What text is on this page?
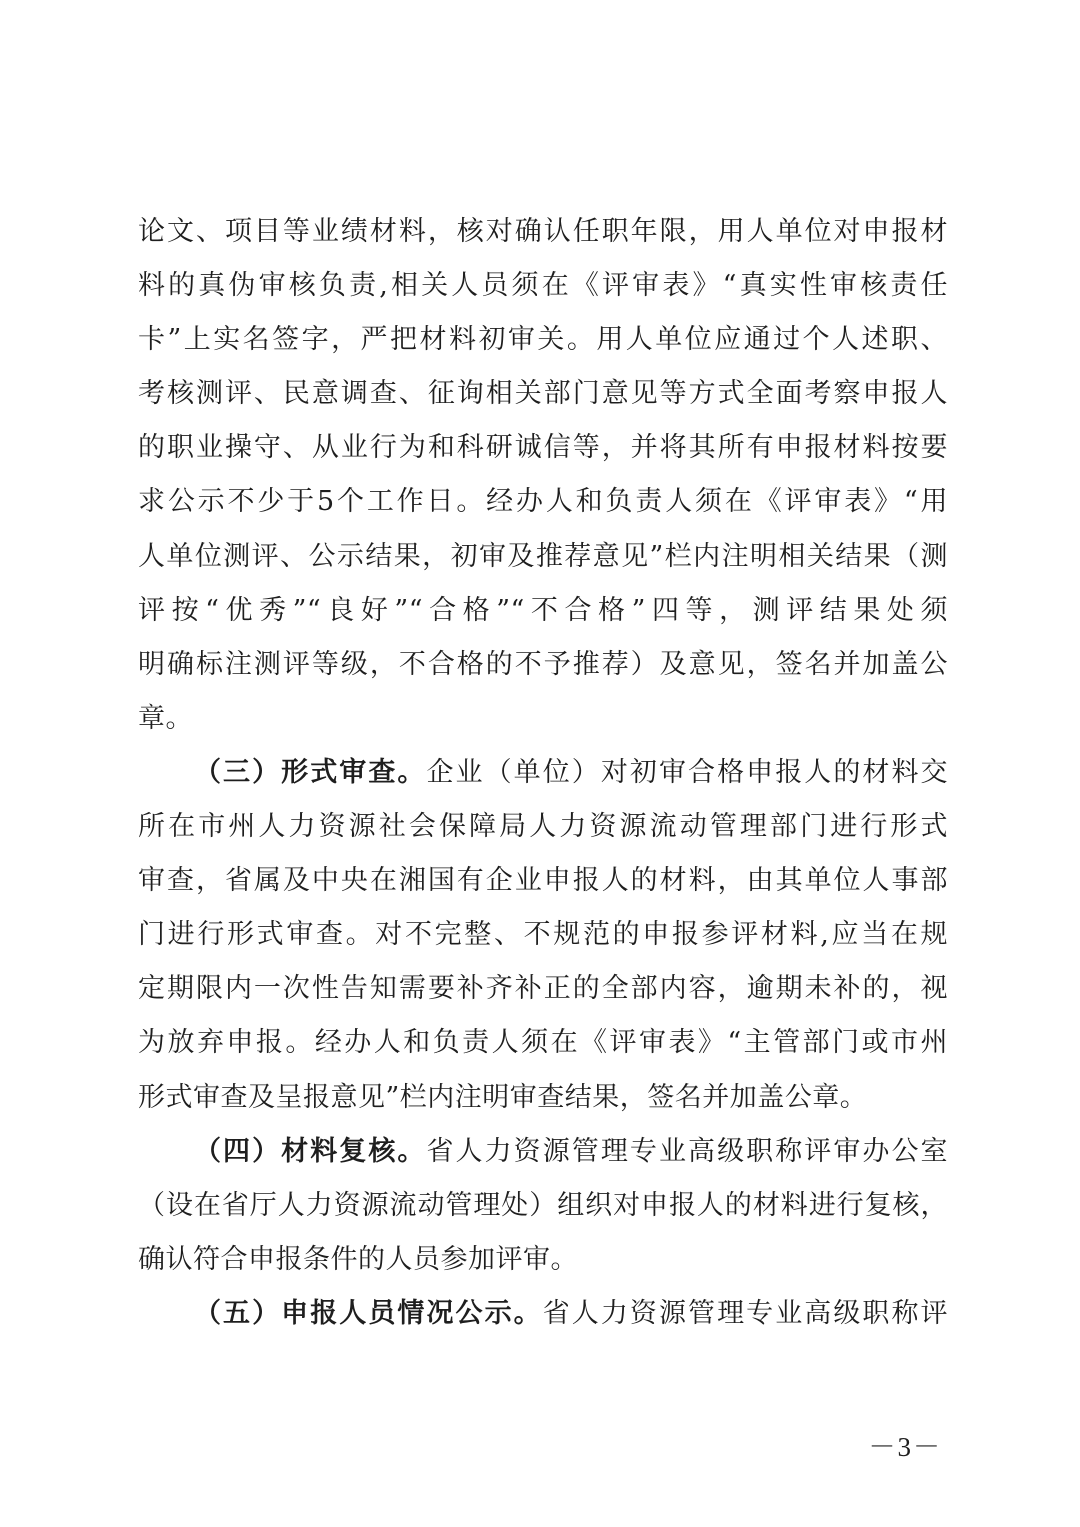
论文、项目等业绩材料，核对确认任职年限，用人单位对申报材
料的真伪审核负责,相关人员须在《评审表》“真实性审核责任
卡”上实名签字，严把材料初审关。用人单位应通过个人述职、
考核测评、民意调查、征询相关部门意见等方式全面考察申报人
的职业操守、从业行为和科研诚信等，并将其所有申报材料按要
求公示不少于5个工作日。经办人和负责人须在《评审表》“用
人单位测评、公示结果，初审及推荐意见”栏内注明相关结果（测
评按“优秀”“良好”“合格”“不合格”四等，测评结果处须
明确标注测评等级，不合格的不予推荐）及意见，签名并加盖公
章。
（三）形式审查。企业（单位）对初审合格申报人的材料交
所在市州人力资源社会保障局人力资源流动管理部门进行形式
审查，省属及中央在湘国有企业申报人的材料，由其单位人事部
门进行形式审查。对不完整、不规范的申报参评材料,应当在规
定期限内一次性告知需要补齐补正的全部内容，逾期未补的，视
为放弃申报。经办人和负责人须在《评审表》“主管部门或市州
形式审查及呈报意见”栏内注明审查结果，签名并加盖公章。
（四）材料复核。省人力资源管理专业高级职称评审办公室
（设在省厅人力资源流动管理处）组织对申报人的材料进行复核，
确认符合申报条件的人员参加评审。
（五）申报人员情况公示。省人力资源管理专业高级职称评
－3－
